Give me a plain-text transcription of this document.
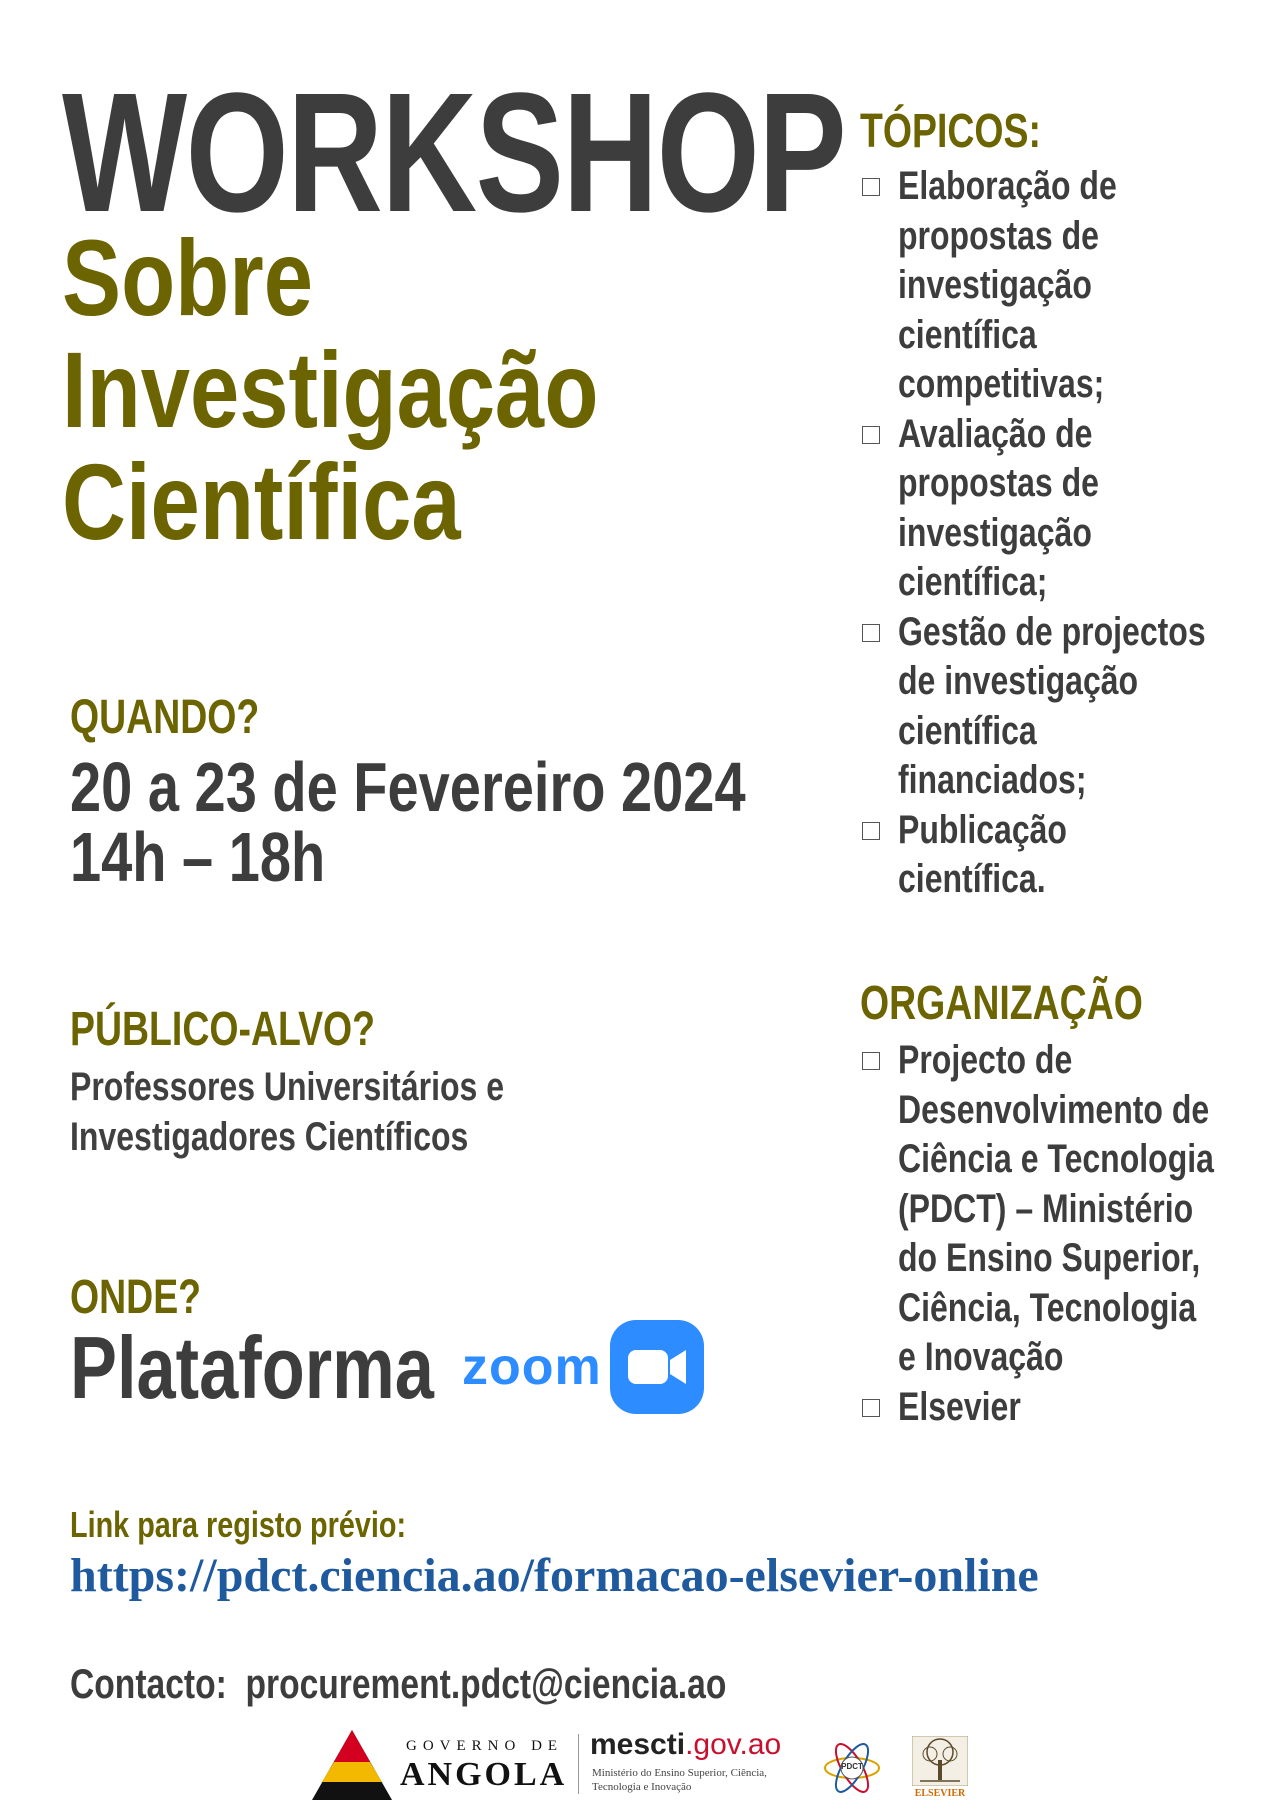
WORKSHOP
Sobre
Investigação
Científica
QUANDO?
20 a 23 de Fevereiro 2024
14h – 18h
PÚBLICO-ALVO?
Professores Universitários e
Investigadores Científicos
ONDE?
Plataforma zoom
TÓPICOS:
Elaboração de
propostas de
investigação
científica
competitivas;
Avaliação de
propostas de
investigação
científica;
Gestão de projectos
de investigação
científica
financiados;
Publicação
científica.
ORGANIZAÇÃO
Projecto de
Desenvolvimento de
Ciência e Tecnologia
(PDCT) – Ministério
do Ensino Superior,
Ciência, Tecnologia
e Inovação
Elsevier
Link para registo prévio:
https://pdct.ciencia.ao/formacao-elsevier-online
Contacto: procurement.pdct@ciencia.ao
GOVERNO DE
ANGOLA
mescti.gov.ao
Ministério do Ensino Superior, Ciência,
Tecnologia e Inovação
PDCT
ELSEVIER
